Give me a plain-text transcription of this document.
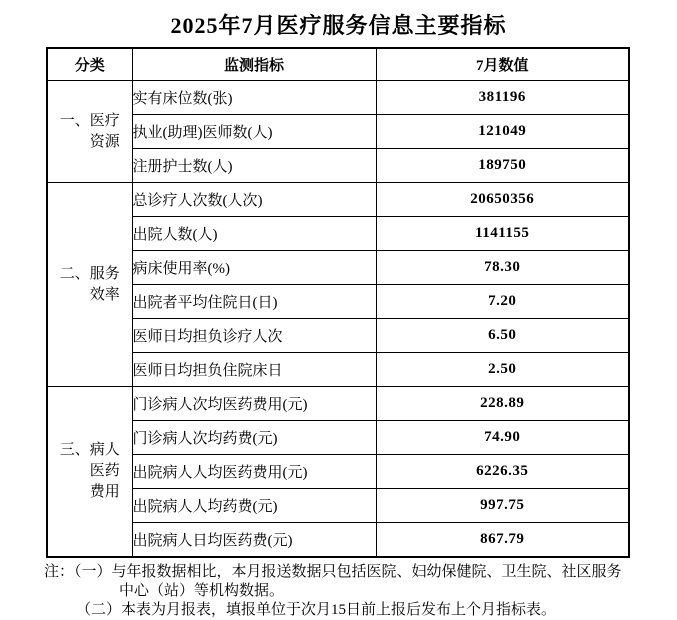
2025年7月医疗服务信息主要指标
分类	监测指标	7月数值

一、 医疗资源	实有床位数(张)	381196
	执业(助理)医师数(人)	121049
	注册护士数(人)	189750

二、 服务效率	总诊疗人次数(人次)	20650356
	出院人数(人)	1141155
	病床使用率(%)	78.30
	出院者平均住院日(日)	7.20
	医师日均担负诊疗人次	6.50
	医师日均担负住院床日	2.50

三、 病人医药费用	门诊病人次均医药费用(元)	228.89
	门诊病人次均药费(元)	74.90
	出院病人人均医药费用(元)	6226.35
	出院病人人均药费(元)	997.75
	出院病人日均医药费(元)	867.79
注：（一）与年报数据相比，本月报送数据只包括医院、妇幼保健院、卫生院、社区服务中心（站）等机构数据。
（二）本表为月报表，填报单位于次月15日前上报后发布上个月指标表。
